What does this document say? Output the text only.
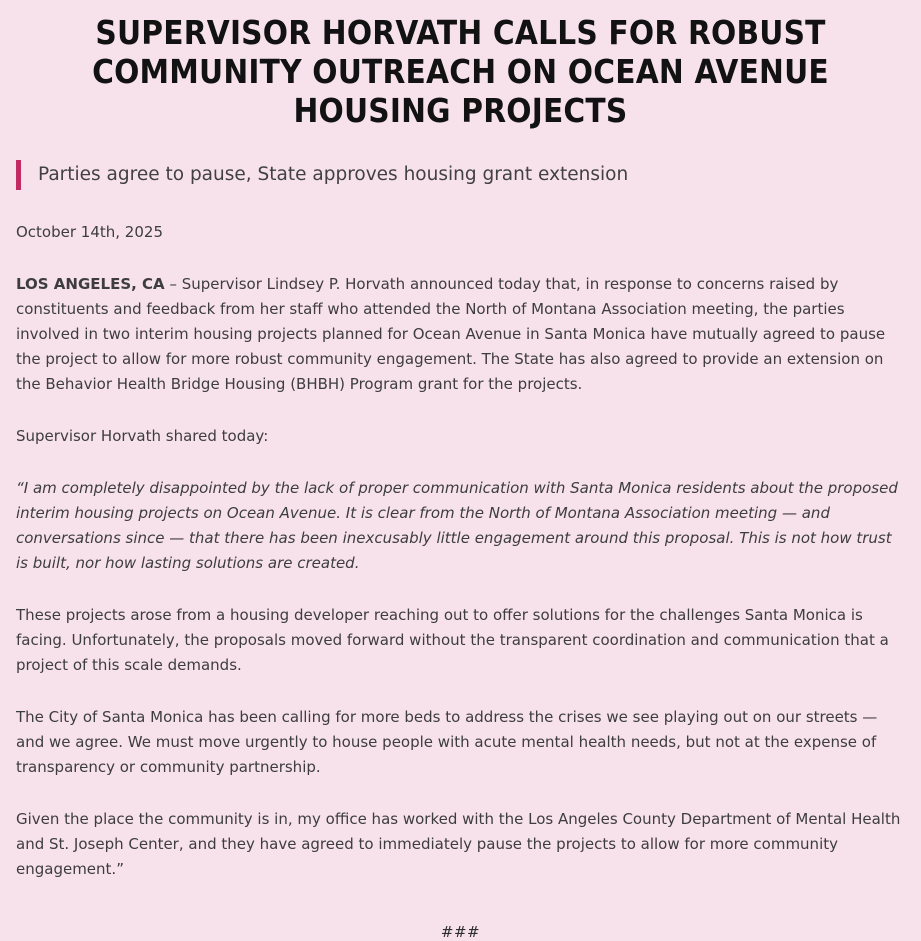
SUPERVISOR HORVATH CALLS FOR ROBUST COMMUNITY OUTREACH ON OCEAN AVENUE HOUSING PROJECTS
Parties agree to pause, State approves housing grant extension

October 14th, 2025

LOS ANGELES, CA – Supervisor Lindsey P. Horvath announced today that, in response to concerns raised by constituents and feedback from her staff who attended the North of Montana Association meeting, the parties involved in two interim housing projects planned for Ocean Avenue in Santa Monica have mutually agreed to pause the project to allow for more robust community engagement. The State has also agreed to provide an extension on the Behavior Health Bridge Housing (BHBH) Program grant for the projects.

Supervisor Horvath shared today:

“I am completely disappointed by the lack of proper communication with Santa Monica residents about the proposed interim housing projects on Ocean Avenue. It is clear from the North of Montana Association meeting — and conversations since — that there has been inexcusably little engagement around this proposal. This is not how trust is built, nor how lasting solutions are created.

These projects arose from a housing developer reaching out to offer solutions for the challenges Santa Monica is facing. Unfortunately, the proposals moved forward without the transparent coordination and communication that a project of this scale demands.

The City of Santa Monica has been calling for more beds to address the crises we see playing out on our streets — and we agree. We must move urgently to house people with acute mental health needs, but not at the expense of transparency or community partnership.

Given the place the community is in, my office has worked with the Los Angeles County Department of Mental Health and St. Joseph Center, and they have agreed to immediately pause the projects to allow for more community engagement.”

###
